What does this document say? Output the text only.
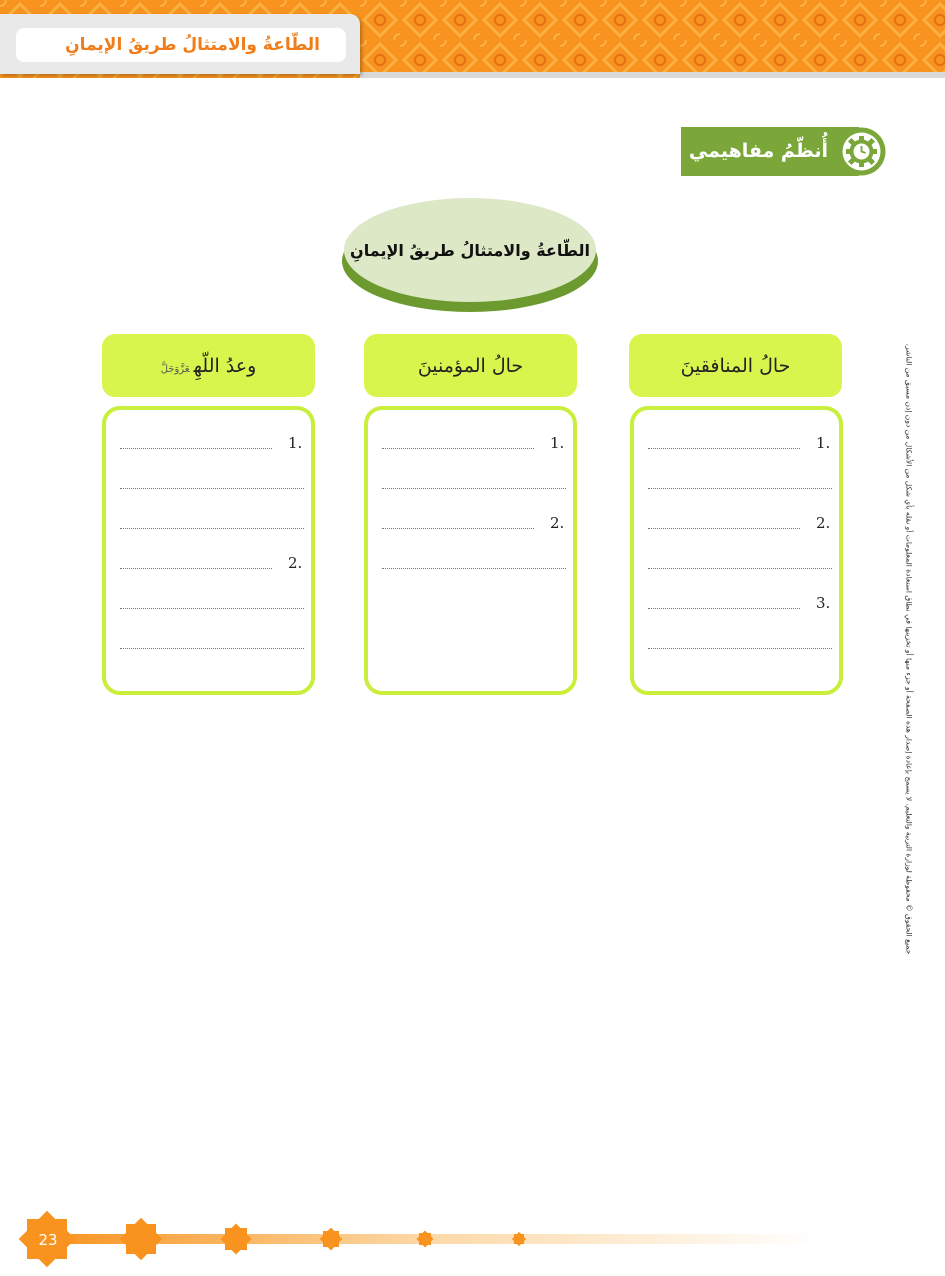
الطّاعةُ والامتثالُ طريقُ الإيمانِ
أُنظّمُ مفاهيمي
الطّاعةُ والامتثالُ طريقُ الإيمانِ
حالُ المنافقينَ
1.
2.
3.
حالُ المؤمنينَ
1.
2.
وعدُ اللّهِعَزَّوَجَلَّ
1.
2.	جميع الحقوق © محفوظة لوزارة التربية والتعليم. لا يسمح بإعادة إصدار هذه الصفحة أو جزء منها أو تخزينها في نطاق استعادة المعلومات أو نقله بأي شكل من الأشكال من دون إذن مسبق من الناشر.
23
